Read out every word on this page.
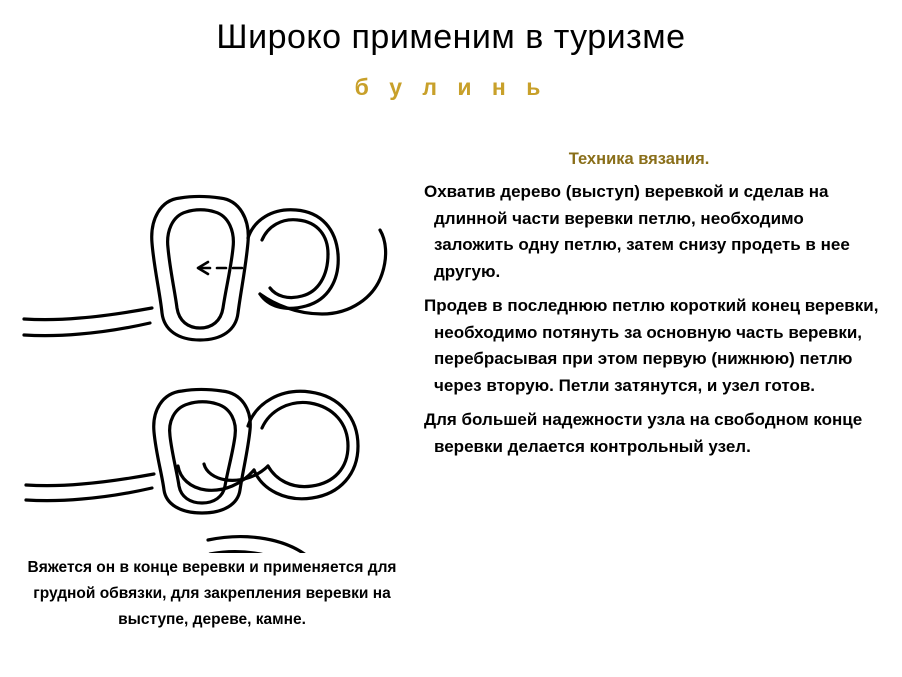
Широко применим в туризме
б у л и н ь
Вяжется он в конце веревки и применяется для грудной обвязки, для закрепления веревки на выступе, дереве, камне.
Техника вязания.

Охватив дерево (выступ) веревкой и сделав на длинной части веревки петлю, необходимо заложить одну петлю, затем снизу продеть в нее другую.

Продев в последнюю петлю короткий конец веревки, необходимо потянуть за основную часть веревки, перебрасывая при этом первую (нижнюю) петлю через вторую. Петли затянутся, и узел готов.

Для большей надежности узла на свободном конце веревки делается контрольный узел.
